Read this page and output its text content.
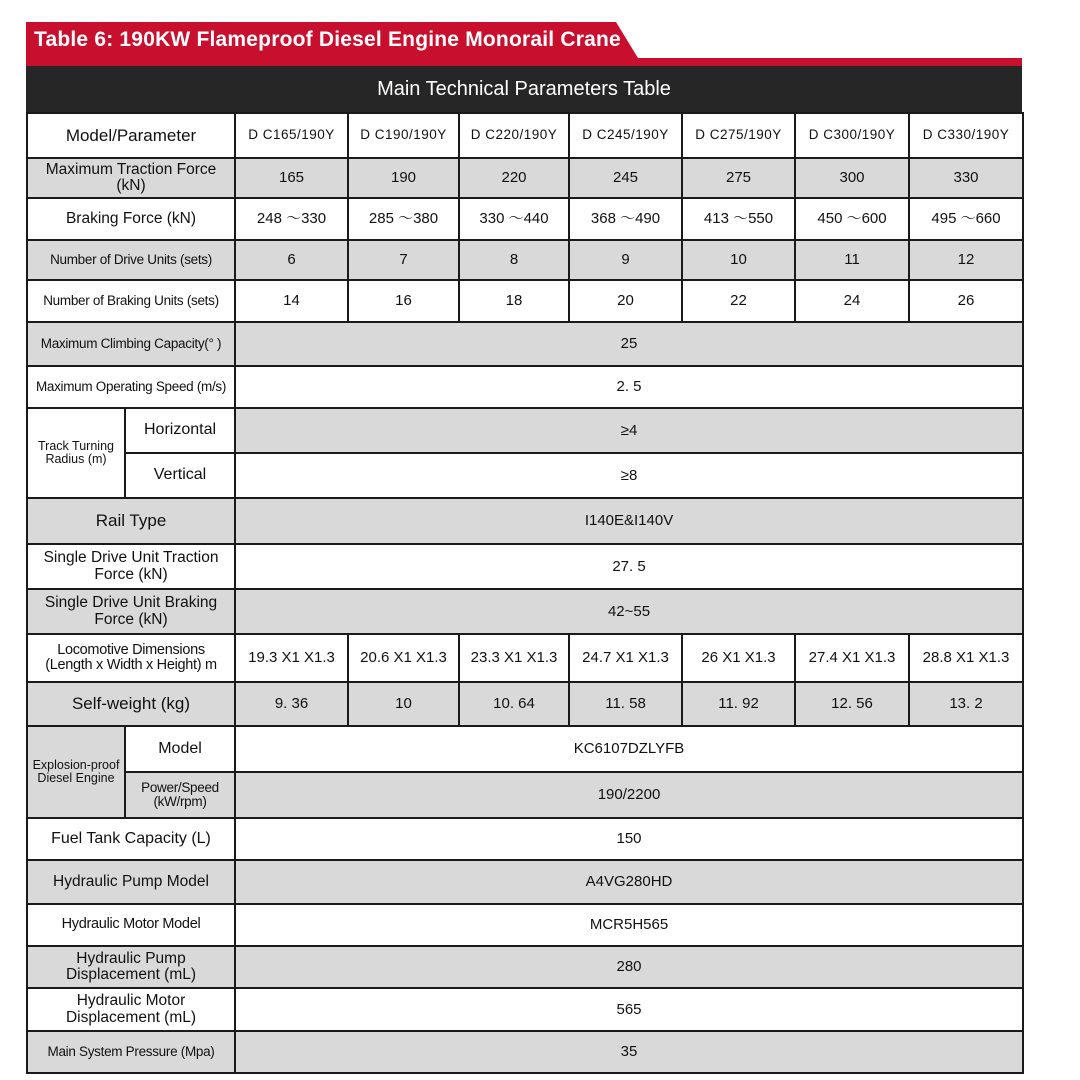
Table 6: 190KW Flameproof Diesel Engine Monorail Crane
Main Technical Parameters Table
Model/Parameter		D C165/190Y	D C190/190Y	D C220/190Y	D C245/190Y	D C275/190Y	D C300/190Y	D C330/190Y
Maximum Traction Force (kN)		165	190	220	245	275	300	330
Braking Force (kN)		248 ～330	285 ～380	330 ～440	368 ～490	413 ～550	450 ～600	495 ～660
Number of Drive Units (sets)		6	7	8	9	10	11	12
Number of Braking Units (sets)		14	16	18	20	22	24	26
Maximum Climbing Capacity(° )		25						
Maximum Operating Speed (m/s)		2. 5						
Track Turning Radius (m)	Horizontal	≥4						
	Vertical	≥8						
Rail Type		I140E&I140V						
Single Drive Unit Traction Force (kN)		27. 5						
Single Drive Unit Braking Force (kN)		42~55						
Locomotive Dimensions (Length x Width x Height) m		19.3 X1 X1.3	20.6 X1 X1.3	23.3 X1 X1.3	24.7 X1 X1.3	26 X1 X1.3	27.4 X1 X1.3	28.8 X1 X1.3
Self-weight (kg)		9. 36	10	10. 64	11. 58	11. 92	12. 56	13. 2
Explosion-proof Diesel Engine	Model	KC6107DZLYFB						
	Power/Speed (kW/rpm)	190/2200						
Fuel Tank Capacity (L)		150						
Hydraulic Pump Model		A4VG280HD						
Hydraulic Motor Model		MCR5H565						
Hydraulic Pump Displacement (mL)		280						
Hydraulic Motor Displacement (mL)		565						
Main System Pressure (Mpa)		35						
